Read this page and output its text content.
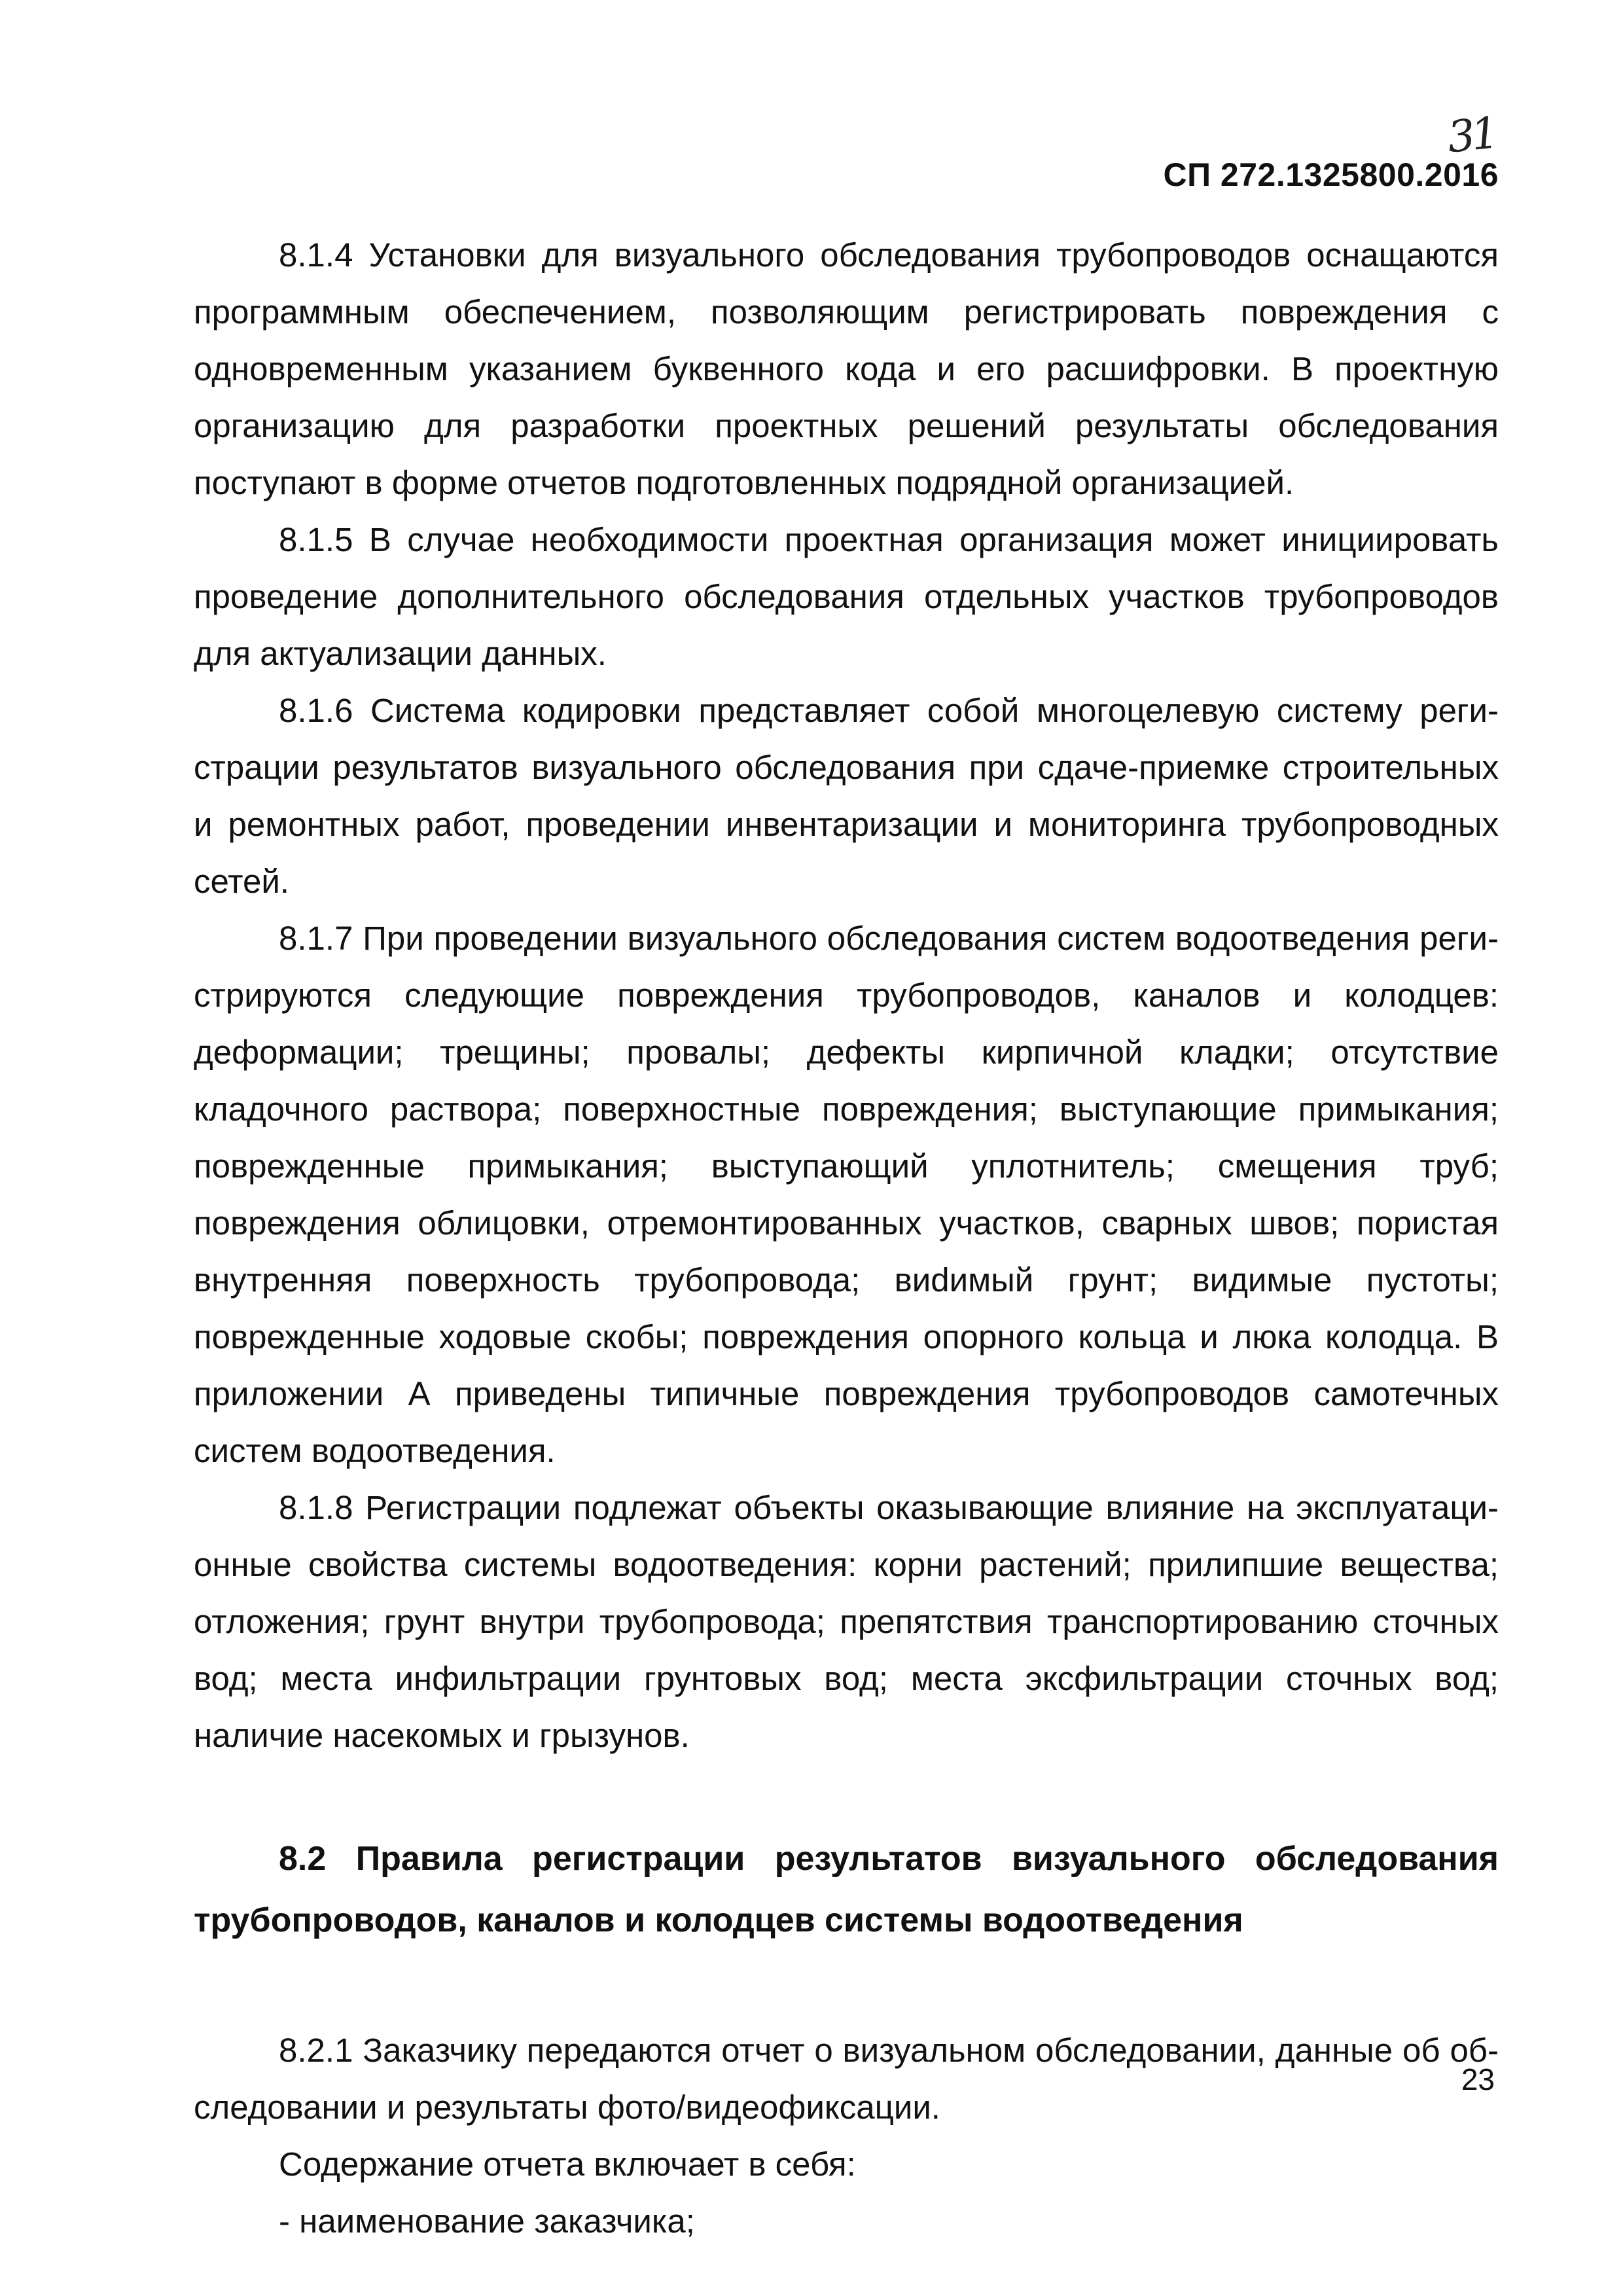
31
СП 272.1325800.2016

8.1.4 Установки для визуального обследования трубопроводов оснащаются программным обеспечением, позволяющим регистрировать повреждения с одновременным указанием буквенного кода и его расшифровки. В проектную организацию для разработки проектных решений результаты обследования поступают в форме отчетов подготовленных подрядной организацией.

8.1.5 В случае необходимости проектная организация может инициировать проведение дополнительного обследования отдельных участков трубопроводов для актуализации данных.

8.1.6 Система кодировки представляет собой многоцелевую систему регистрации результатов визуального обследования при сдаче-приемке строительных и ремонтных работ, проведении инвентаризации и мониторинга трубопроводных сетей.

8.1.7 При проведении визуального обследования систем водоотведения регистрируются следующие повреждения трубопроводов, каналов и колодцев: деформации; трещины; провалы; дефекты кирпичной кладки; отсутствие кладочного раствора; поверхностные повреждения; выступающие примыкания; поврежденные примыкания; выступающий уплотнитель; смещения труб; повреждения облицовки, отремонтированных участков, сварных швов; пористая внутренняя поверхность трубопровода; виdимый грунт; видимые пустоты; поврежденные ходовые скобы; повреждения опорного кольца и люка колодца. В приложении А приведены типичные повреждения трубопроводов самотечных систем водоотведения.

8.1.8 Регистрации подлежат объекты оказывающие влияние на эксплуатационные свойства системы водоотведения: корни растений; прилипшие вещества; отложения; грунт внутри трубопровода; препятствия транспортированию сточных вод; места инфильтрации грунтовых вод; места эксфильтрации сточных вод; наличие насекомых и грызунов.

8.2 Правила регистрации результатов визуального обследования трубопроводов, каналов и колодцев системы водоотведения

8.2.1 Заказчику передаются отчет о визуальном обследовании, данные об обследовании и результаты фото/видеофиксации.

Содержание отчета включает в себя:

- наименование заказчика;

23
